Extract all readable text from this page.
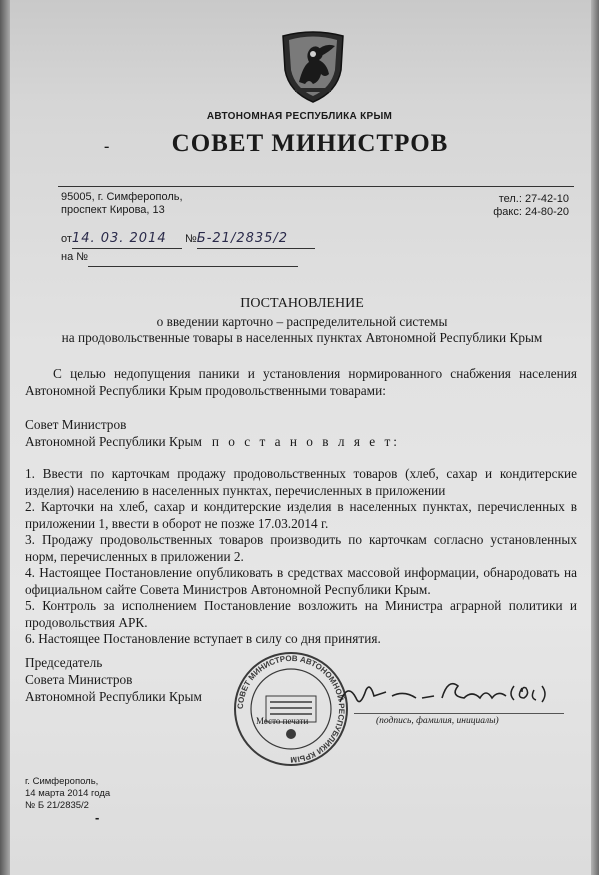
АВТОНОМНАЯ РЕСПУБЛИКА КРЫМ
-	СОВЕТ МИНИСТРОВ
95005, г. Симферополь,
проспект Кирова, 13
тел.: 27-42-10
факс: 24-80-20
от14. 03. 2014 №Б-21/2835/2
на №
ПОСТАНОВЛЕНИЕ
о введении карточно – распределительной системы
на продовольственные товары в населенных пунктах Автономной Республики Крым
С целью недопущения паники и установления нормированного снабжения населения Автономной Республики Крым продовольственными товарами:
Совет Министров
Автономной Республики Крым п о с т а н о в л я е т:
1. Ввести по карточкам продажу продовольственных товаров (хлеб, сахар и кондитерские изделия) населению в населенных пунктах, перечисленных в приложении
2. Карточки на хлеб, сахар и кондитерские изделия в населенных пунктах, перечисленных в приложении 1, ввести в оборот не позже 17.03.2014 г.
3. Продажу продовольственных товаров производить по карточкам согласно установленных норм, перечисленных в приложении 2.
4. Настоящее Постановление опубликовать в средствах массовой информации, обнародовать на официальном сайте Совета Министров Автономной Республики Крым.
5. Контроль за исполнением Постановление возложить на Министра аграрной политики и продовольствия АРК.
6. Настоящее Постановление вступает в силу со дня принятия.
Председатель
Совета Министров
Автономной Республики Крым
СОВЕТ МИНИСТРОВ АВТОНОМНОЙ РЕСПУБЛИКИ КРЫМ
Место печати	(подпись, фамилия, инициалы)
г. Симферополь,
14 марта 2014 года
№ Б 21/2835/2
-
